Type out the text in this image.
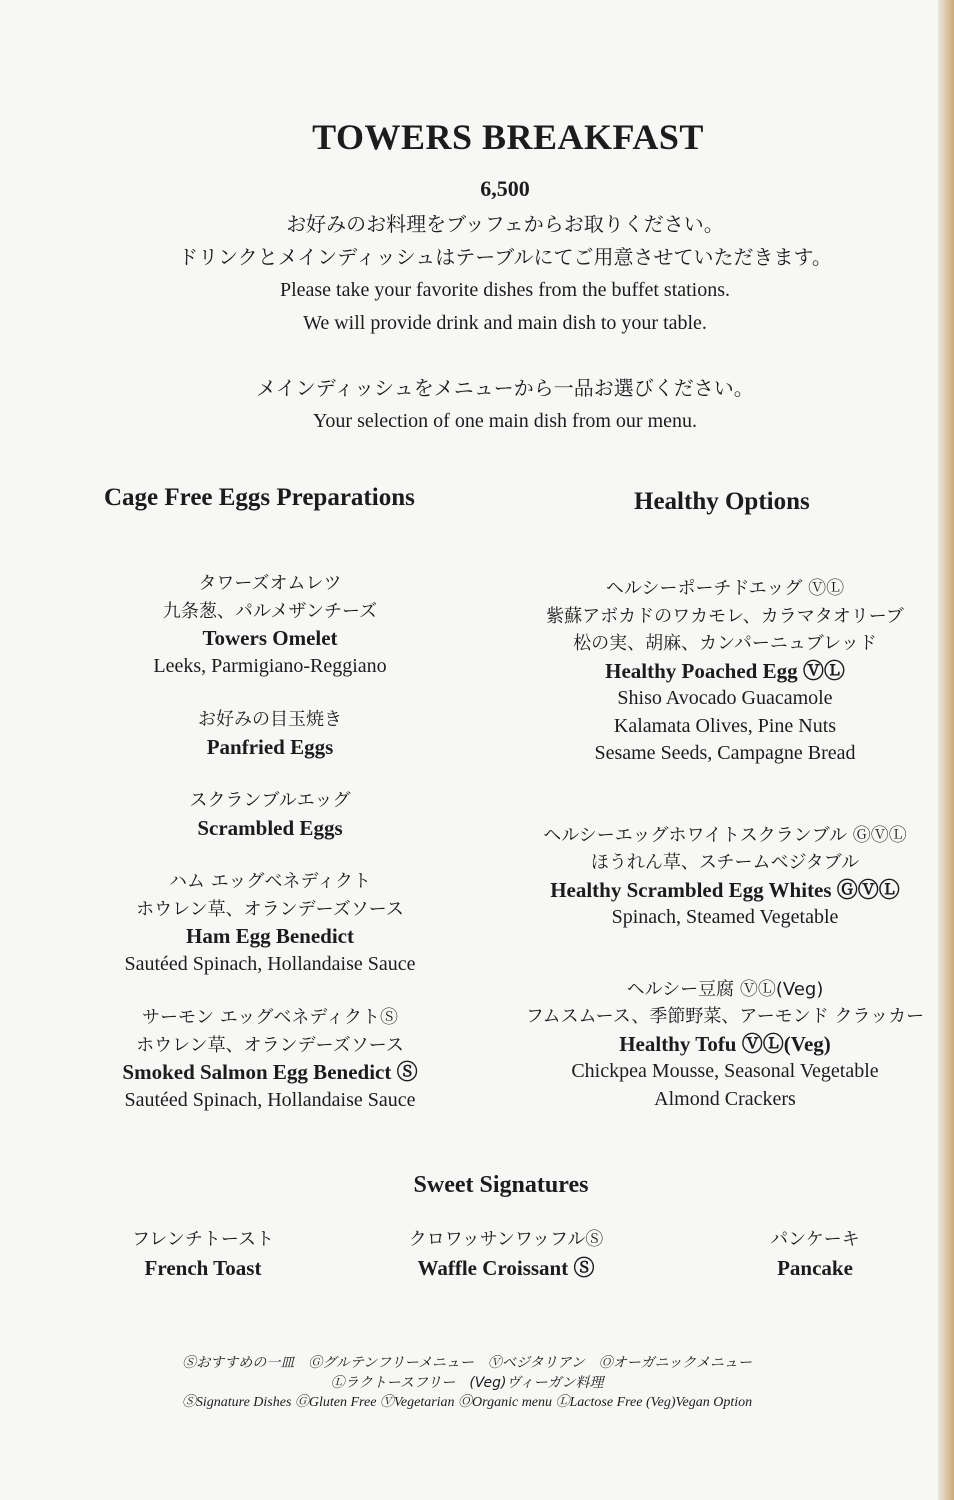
TOWERS BREAKFAST
6,500
お好みのお料理をブッフェからお取りください。
ドリンクとメインディッシュはテーブルにてご用意させていただきます。
Please take your favorite dishes from the buffet stations.
We will provide drink and main dish to your table.
メインディッシュをメニューから一品お選びください。
Your selection of one main dish from our menu.
Cage Free Eggs Preparations	Healthy Options
タワーズオムレツ
九条葱、パルメザンチーズ
Towers Omelet
Leeks, Parmigiano-Reggiano
お好みの目玉焼き
Panfried Eggs
スクランブルエッグ
Scrambled Eggs
ハム エッグベネディクト
ホウレン草、オランデーズソース
Ham Egg Benedict
Sautéed Spinach, Hollandaise Sauce
サーモン エッグベネディクトⓈ
ホウレン草、オランデーズソース
Smoked Salmon Egg Benedict Ⓢ
Sautéed Spinach, Hollandaise Sauce
ヘルシーポーチドエッグ ⓋⓁ
紫蘇アボカドのワカモレ、カラマタオリーブ
松の実、胡麻、カンパーニュブレッド
Healthy Poached Egg ⓋⓁ
Shiso Avocado Guacamole
Kalamata Olives, Pine Nuts
Sesame Seeds, Campagne Bread
ヘルシーエッグホワイトスクランブル ⒼⓋⓁ
ほうれん草、スチームベジタブル
Healthy Scrambled Egg Whites ⒼⓋⓁ
Spinach, Steamed Vegetable
ヘルシー豆腐 ⓋⓁ(Veg)
フムスムース、季節野菜、アーモンド クラッカー
Healthy Tofu ⓋⓁ(Veg)
Chickpea Mousse, Seasonal Vegetable
Almond Crackers
Sweet Signatures
フレンチトースト
French Toast
クロワッサンワッフルⓈ
Waffle Croissant Ⓢ
パンケーキ
Pancake
Ⓢおすすめの一皿　Ⓖグルテンフリーメニュー　Ⓥベジタリアン　Ⓞオーガニックメニュー
Ⓛラクトースフリー　(Veg)ヴィーガン料理
ⓈSignature Dishes ⒼGluten Free ⓋVegetarian ⓄOrganic menu ⓁLactose Free (Veg)Vegan Option
